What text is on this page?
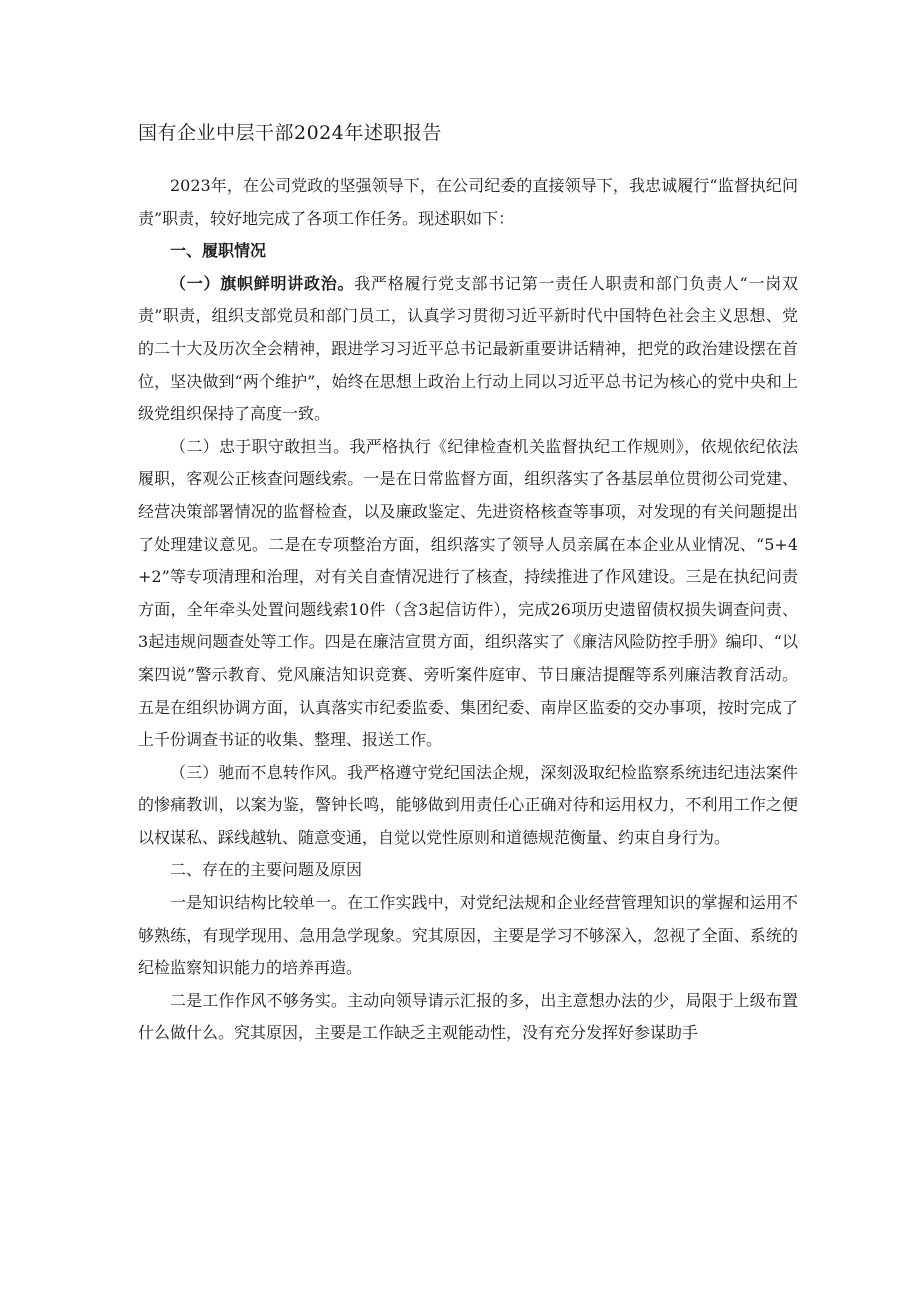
国有企业中层干部2024年述职报告

2023年，在公司党政的坚强领导下，在公司纪委的直接领导下，我忠诚履行“监督执纪问责”职责，较好地完成了各项工作任务。现述职如下：

一、履职情况

（一）旗帜鲜明讲政治。我严格履行党支部书记第一责任人职责和部门负责人“一岗双责”职责，组织支部党员和部门员工，认真学习贯彻习近平新时代中国特色社会主义思想、党的二十大及历次全会精神，跟进学习习近平总书记最新重要讲话精神，把党的政治建设摆在首位，坚决做到“两个维护”，始终在思想上政治上行动上同以习近平总书记为核心的党中央和上级党组织保持了高度一致。

（二）忠于职守敢担当。我严格执行《纪律检查机关监督执纪工作规则》，依规依纪依法履职，客观公正核查问题线索。一是在日常监督方面，组织落实了各基层单位贯彻公司党建、经营决策部署情况的监督检查，以及廉政鉴定、先进资格核查等事项，对发现的有关问题提出了处理建议意见。二是在专项整治方面，组织落实了领导人员亲属在本企业从业情况、“5+4+2”等专项清理和治理，对有关自查情况进行了核查，持续推进了作风建设。三是在执纪问责方面，全年牵头处置问题线索10件（含3起信访件），完成26项历史遗留债权损失调查问责、3起违规问题查处等工作。四是在廉洁宣贯方面，组织落实了《廉洁风险防控手册》编印、“以案四说”警示教育、党风廉洁知识竞赛、旁听案件庭审、节日廉洁提醒等系列廉洁教育活动。五是在组织协调方面，认真落实市纪委监委、集团纪委、南岸区监委的交办事项，按时完成了上千份调查书证的收集、整理、报送工作。

（三）驰而不息转作风。我严格遵守党纪国法企规，深刻汲取纪检监察系统违纪违法案件的惨痛教训，以案为鉴，警钟长鸣，能够做到用责任心正确对待和运用权力，不利用工作之便以权谋私、踩线越轨、随意变通，自觉以党性原则和道德规范衡量、约束自身行为。

二、存在的主要问题及原因

一是知识结构比较单一。在工作实践中，对党纪法规和企业经营管理知识的掌握和运用不够熟练，有现学现用、急用急学现象。究其原因，主要是学习不够深入，忽视了全面、系统的纪检监察知识能力的培养再造。

二是工作作风不够务实。主动向领导请示汇报的多，出主意想办法的少，局限于上级布置什么做什么。究其原因，主要是工作缺乏主观能动性，没有充分发挥好参谋助手
